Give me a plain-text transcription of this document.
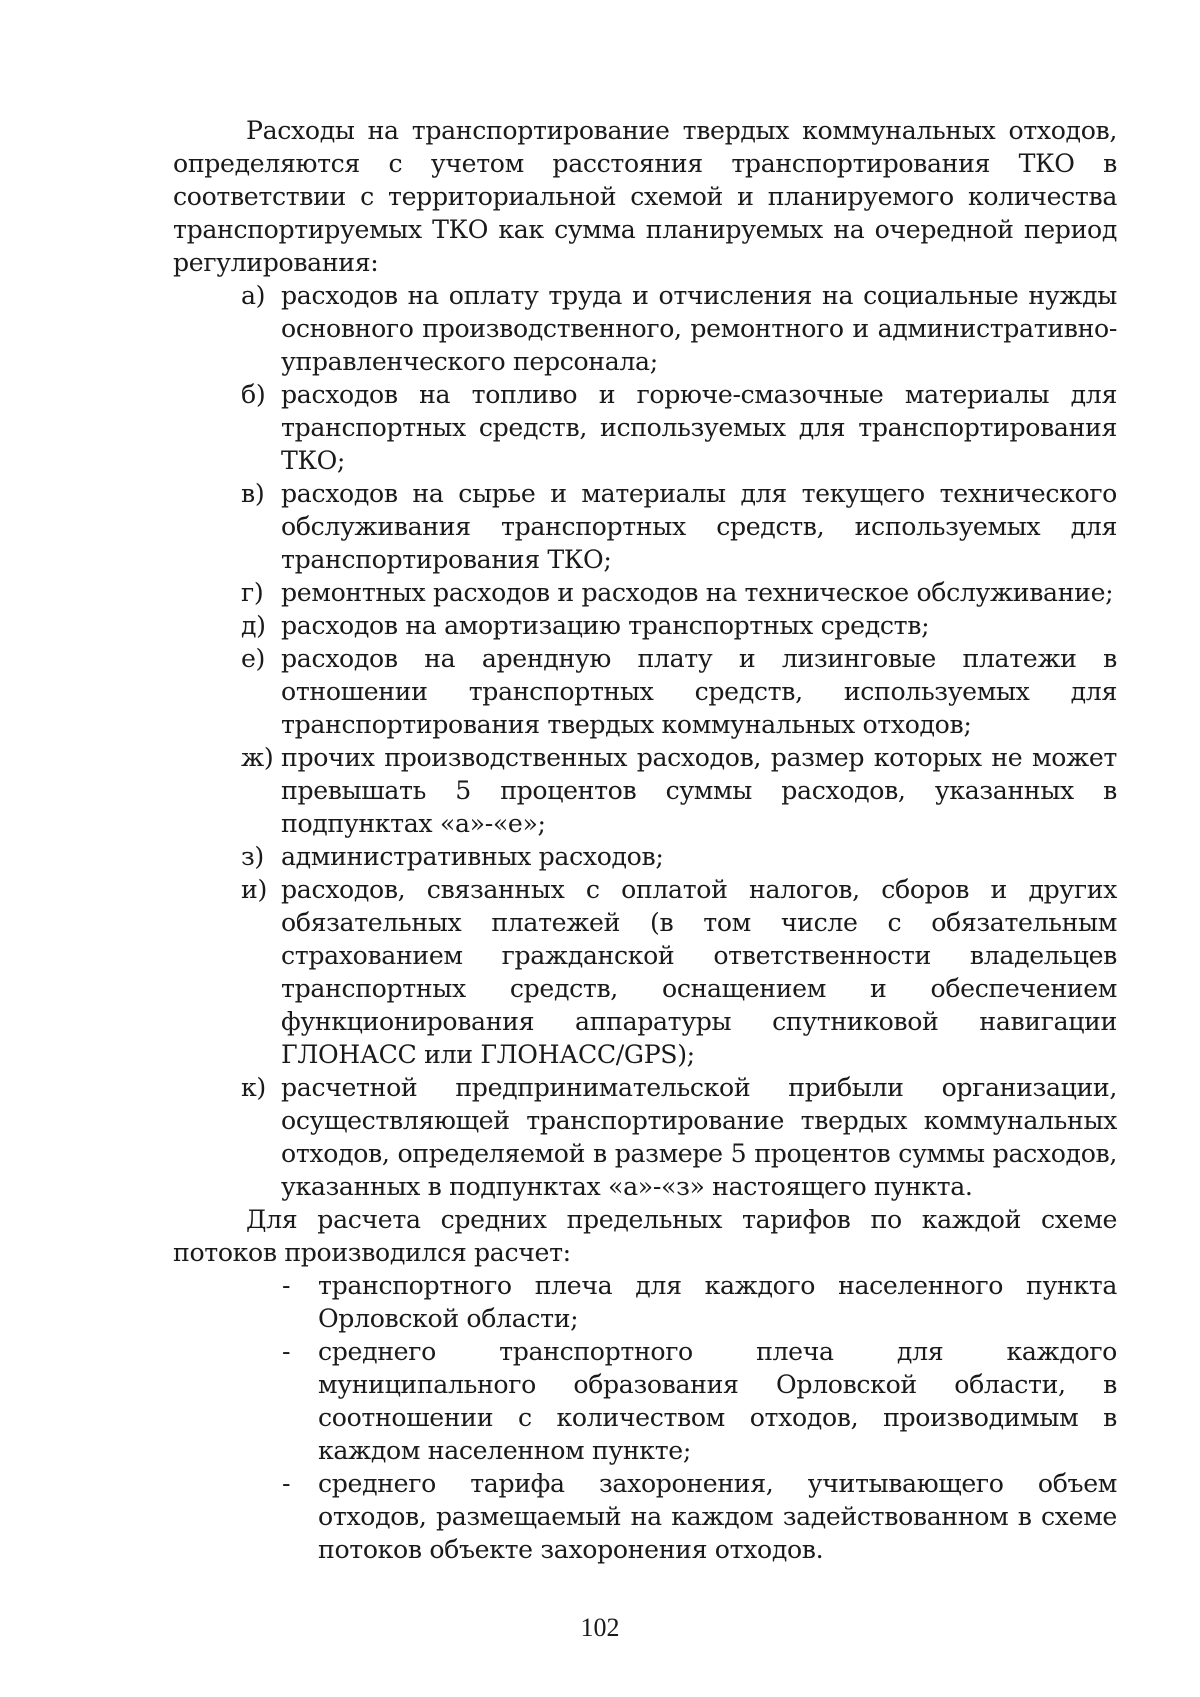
Расходы на транспортирование твердых коммунальных отходов, определяются с учетом расстояния транспортирования ТКО в соответствии с территориальной схемой и планируемого количества транспортируемых ТКО как сумма планируемых на очередной период регулирования:

а) расходов на оплату труда и отчисления на социальные нужды основного производственного, ремонтного и административно-управленческого персонала;
б) расходов на топливо и горюче-смазочные материалы для транспортных средств, используемых для транспортирования ТКО;
в) расходов на сырье и материалы для текущего технического обслуживания транспортных средств, используемых для транспортирования ТКО;
г) ремонтных расходов и расходов на техническое обслуживание;
д) расходов на амортизацию транспортных средств;
е) расходов на арендную плату и лизинговые платежи в отношении транспортных средств, используемых для транспортирования твердых коммунальных отходов;
ж) прочих производственных расходов, размер которых не может превышать 5 процентов суммы расходов, указанных в подпунктах «а»-«е»;
з) административных расходов;
и) расходов, связанных с оплатой налогов, сборов и других обязательных платежей (в том числе с обязательным страхованием гражданской ответственности владельцев транспортных средств, оснащением и обеспечением функционирования аппаратуры спутниковой навигации ГЛОНАСС или ГЛОНАСС/GPS);
к) расчетной предпринимательской прибыли организации, осуществляющей транспортирование твердых коммунальных отходов, определяемой в размере 5 процентов суммы расходов, указанных в подпунктах «а»-«з» настоящего пункта.

Для расчета средних предельных тарифов по каждой схеме потоков производился расчет:

- транспортного плеча для каждого населенного пункта Орловской области;
- среднего транспортного плеча для каждого муниципального образования Орловской области, в соотношении с количеством отходов, производимым в каждом населенном пункте;
- среднего тарифа захоронения, учитывающего объем отходов, размещаемый на каждом задействованном в схеме потоков объекте захоронения отходов.
102
